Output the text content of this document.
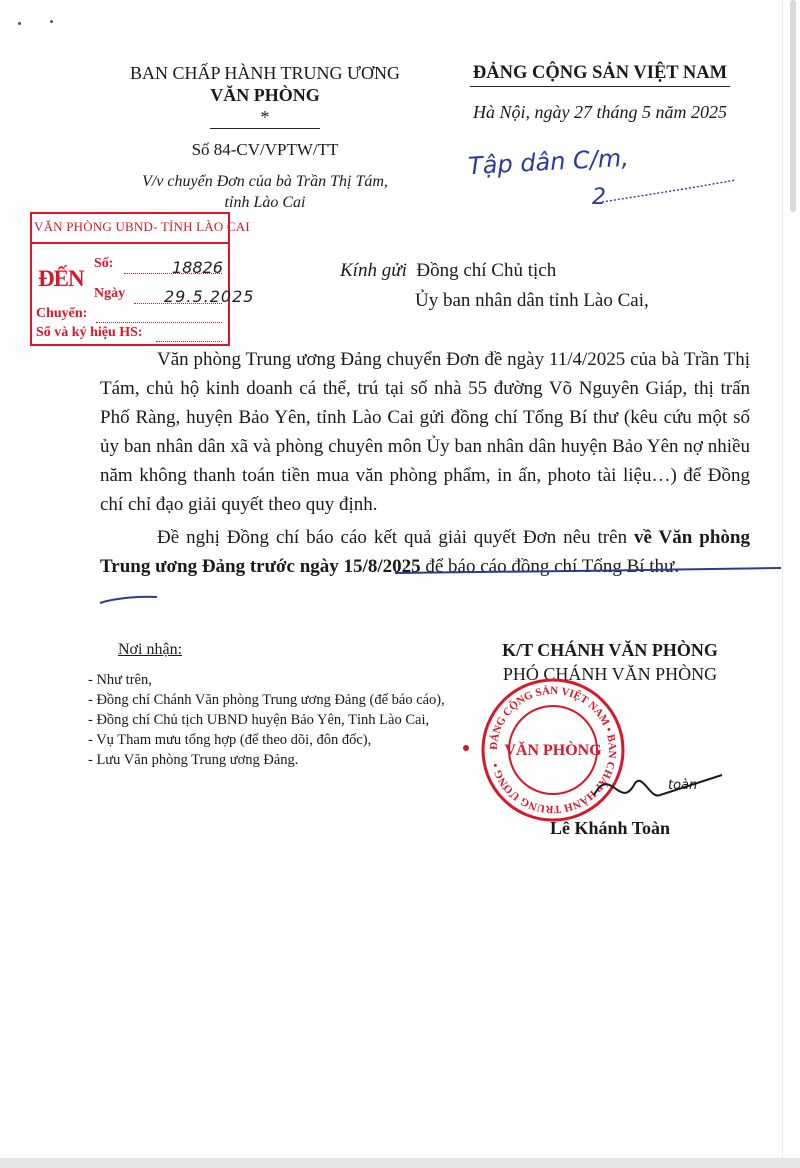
BAN CHẤP HÀNH TRUNG ƯƠNG
VĂN PHÒNG
*
Số 84-CV/VPTW/TT
V/v chuyển Đơn của bà Trần Thị Tám,
tỉnh Lào Cai
ĐẢNG CỘNG SẢN VIỆT NAM
Hà Nội, ngày 27 tháng 5 năm 2025
Tập dân C/m,
2
VĂN PHÒNG UBND- TỈNH LÀO CAI
ĐẾN
Số:	18826
Ngày 29.5.2025
Chuyển:
Sổ và ký hiệu HS:
Kính gửi Đồng chí Chủ tịch
Ủy ban nhân dân tỉnh Lào Cai,

Văn phòng Trung ương Đảng chuyển Đơn đề ngày 11/4/2025 của bà Trần Thị Tám, chủ hộ kinh doanh cá thể, trú tại số nhà 55 đường Võ Nguyên Giáp, thị trấn Phố Ràng, huyện Bảo Yên, tỉnh Lào Cai gửi đồng chí Tổng Bí thư (kêu cứu một số ủy ban nhân dân xã và phòng chuyên môn Ủy ban nhân dân huyện Bảo Yên nợ nhiều năm không thanh toán tiền mua văn phòng phẩm, in ấn, photo tài liệu…) để Đồng chí chỉ đạo giải quyết theo quy định.

Đề nghị Đồng chí báo cáo kết quả giải quyết Đơn nêu trên về Văn phòng Trung ương Đảng trước ngày 15/8/2025 để báo cáo đồng chí Tổng Bí thư.

Nơi nhận:
- Như trên,
- Đồng chí Chánh Văn phòng Trung ương Đảng (để báo cáo),
- Đồng chí Chủ tịch UBND huyện Bảo Yên, Tỉnh Lào Cai,
- Vụ Tham mưu tổng hợp (để theo dõi, đôn đốc),
- Lưu Văn phòng Trung ương Đảng.
K/T CHÁNH VĂN PHÒNG
PHÓ CHÁNH VĂN PHÒNG
ĐẢNG CỘNG SẢN VIỆT NAM • BAN CHẤP HÀNH TRUNG ƯƠNG •
VĂN PHÒNG
toàn
Lê Khánh Toàn
